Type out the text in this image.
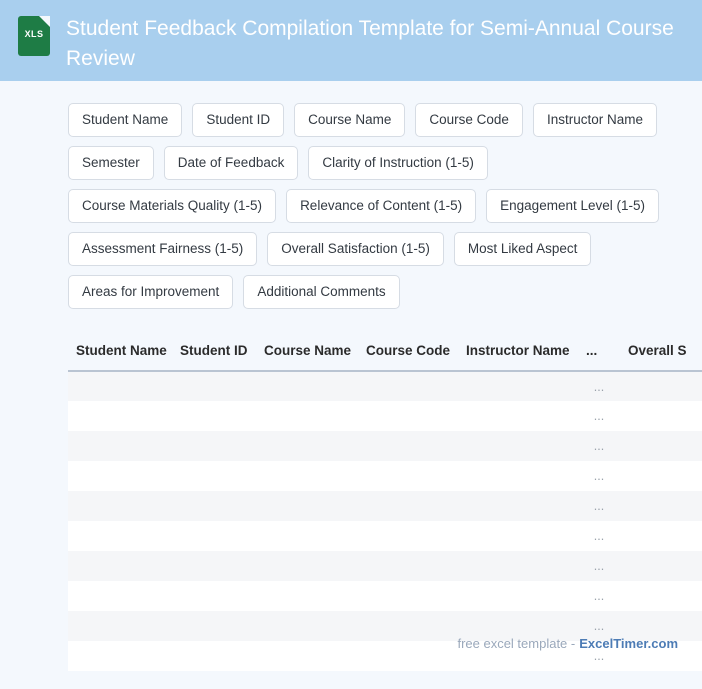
XLS	Student Feedback Compilation Template for Semi-Annual Course Review
Student Name	Student ID	Course Name	Course Code	Instructor Name
Semester	Date of Feedback	Clarity of Instruction (1-5)
Course Materials Quality (1-5)	Relevance of Content (1-5)	Engagement Level (1-5)
Assessment Fairness (1-5)	Overall Satisfaction (1-5)	Most Liked Aspect
Areas for Improvement	Additional Comments
Student Name	Student ID	Course Name	Course Code	Instructor Name	...	Overall S
					...	
					...	
					...	
					...	
					...	
					...	
					...	
					...	
					...	
					...	
free excel template - ExcelTimer.com
